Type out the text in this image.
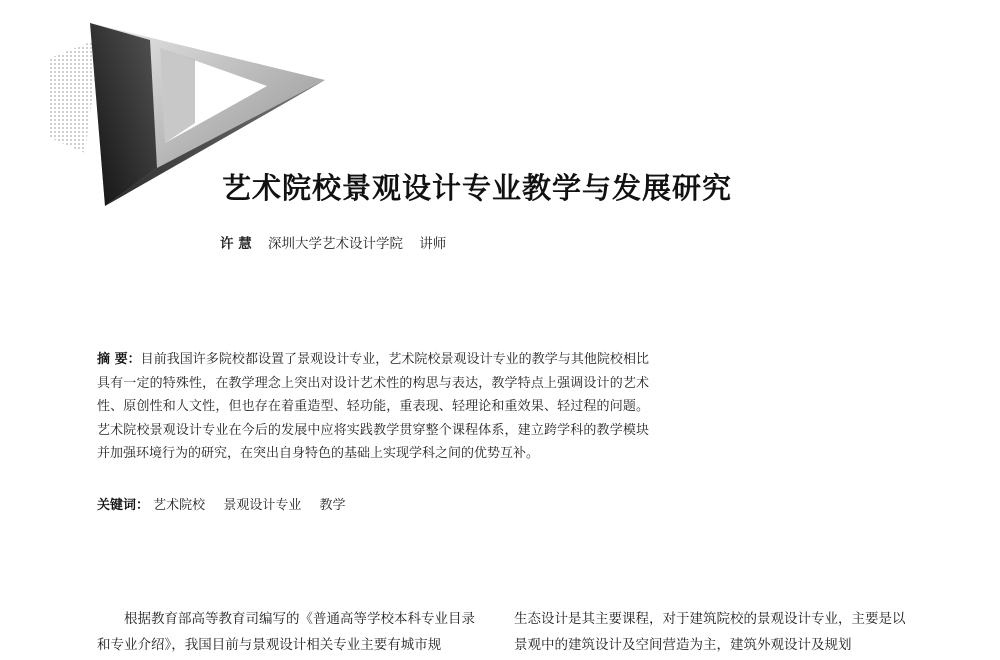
艺术院校景观设计专业教学与发展研究
许 慧 深圳大学艺术设计学院 讲师
摘 要：目前我国许多院校都设置了景观设计专业，艺术院校景观设计专业的教学与其他院校相比具有一定的特殊性，在教学理念上突出对设计艺术性的构思与表达，教学特点上强调设计的艺术性、原创性和人文性，但也存在着重造型、轻功能，重表现、轻理论和重效果、轻过程的问题。艺术院校景观设计专业在今后的发展中应将实践教学贯穿整个课程体系，建立跨学科的教学模块并加强环境行为的研究，在突出自身特色的基础上实现学科之间的优势互补。
关键词： 艺术院校 景观设计专业 教学
根据教育部高等教育司编写的《普通高等学校本科专业目录和专业介绍》，我国目前与景观设计相关专业主要有城市规
生态设计是其主要课程，对于建筑院校的景观设计专业，主要是以景观中的建筑设计及空间营造为主，建筑外观设计及规划
